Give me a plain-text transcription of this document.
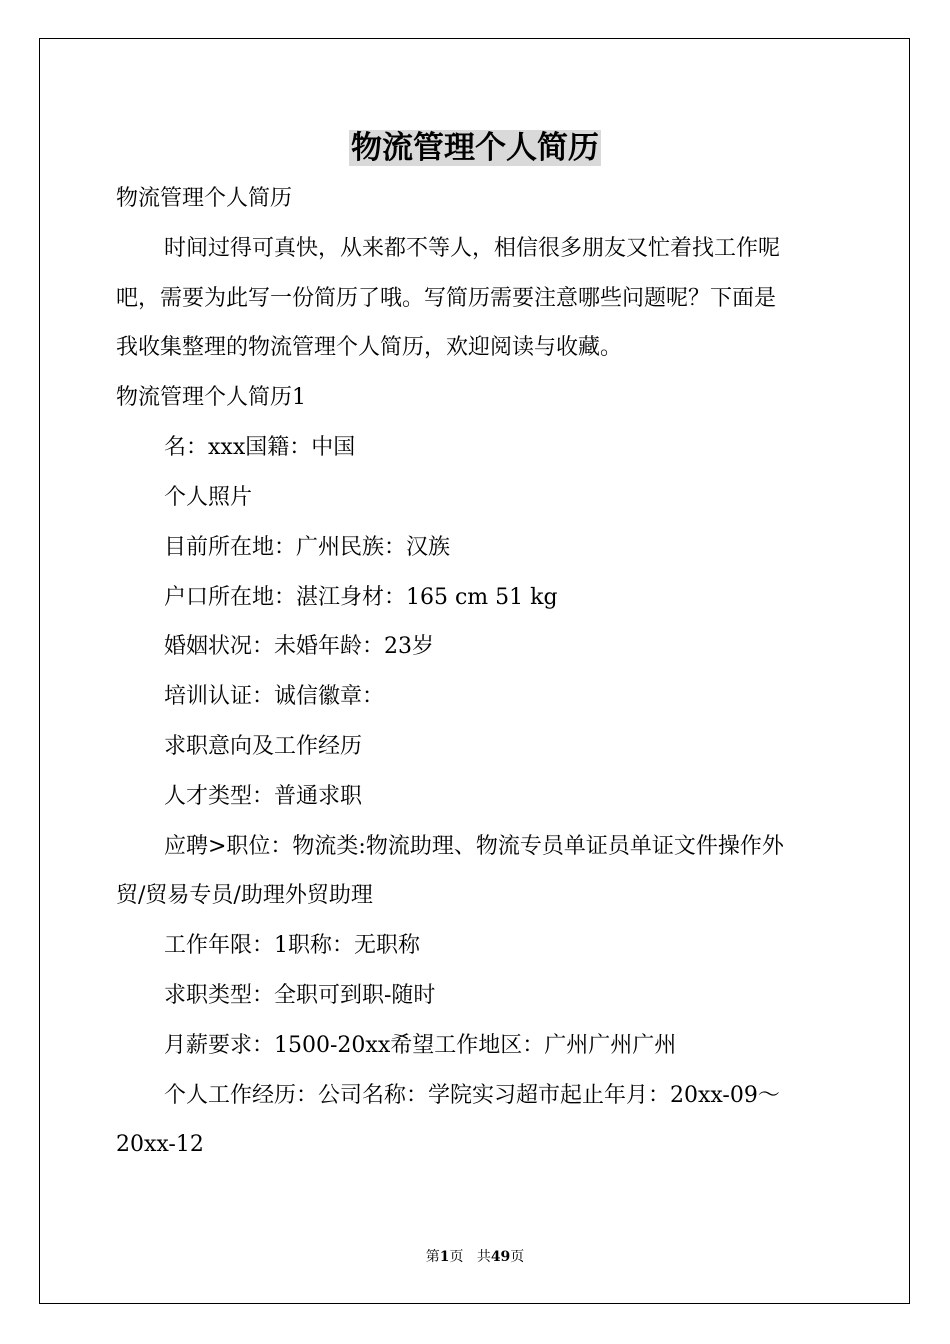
物流管理个人简历
物流管理个人简历
时间过得可真快，从来都不等人，相信很多朋友又忙着找工作呢
吧，需要为此写一份简历了哦。写简历需要注意哪些问题呢？下面是
我收集整理的物流管理个人简历，欢迎阅读与收藏。
物流管理个人简历1
名：xxx国籍：中国
个人照片
目前所在地：广州民族：汉族
户口所在地：湛江身材：165 cm 51 kg
婚姻状况：未婚年龄：23岁
培训认证：诚信徽章：
求职意向及工作经历
人才类型：普通求职
应聘>职位：物流类:物流助理、物流专员单证员单证文件操作外
贸/贸易专员/助理外贸助理
工作年限：1职称：无职称
求职类型：全职可到职-随时
月薪要求：1500-20xx希望工作地区：广州广州广州
个人工作经历：公司名称：学院实习超市起止年月：20xx-09～
20xx-12
第1页 共49页
